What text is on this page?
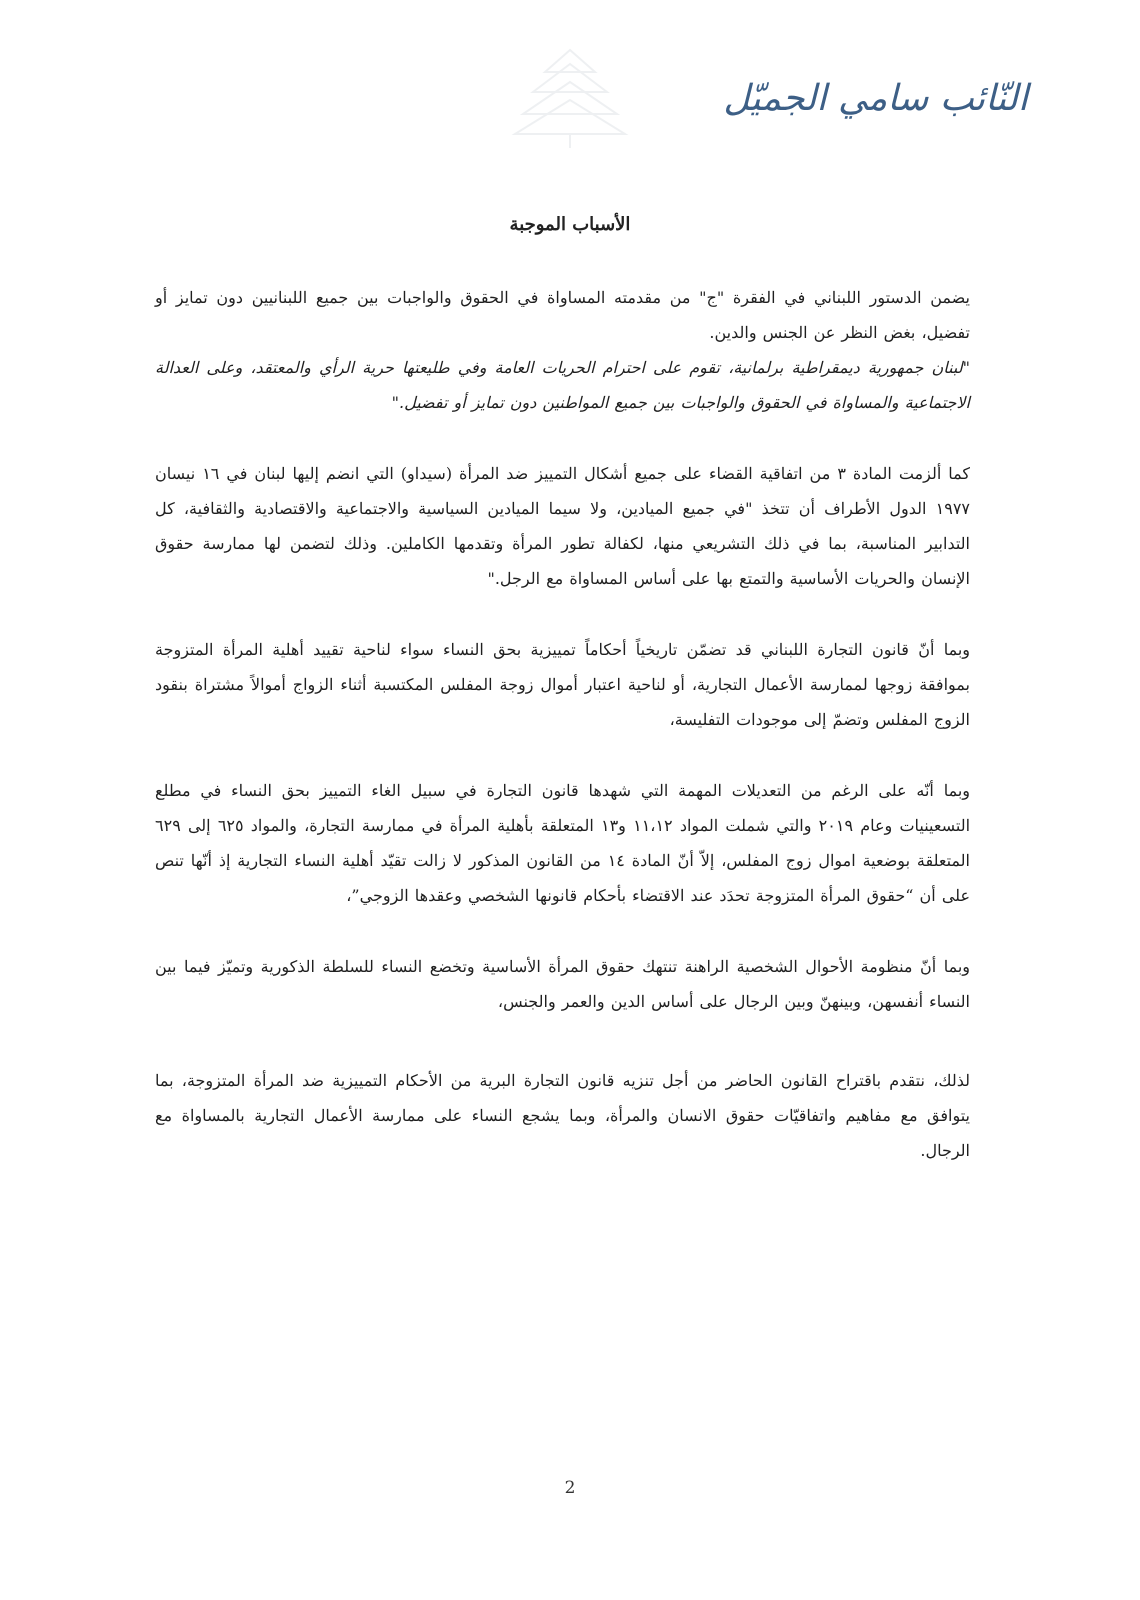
النّائب سامي الجميّل
الأسباب الموجبة

يضمن الدستور اللبناني في الفقرة "ج" من مقدمته المساواة في الحقوق والواجبات بين جميع اللبنانيين دون تمايز أو تفضيل، بغض النظر عن الجنس والدين.

"لبنان جمهورية ديمقراطية برلمانية، تقوم على احترام الحريات العامة وفي طليعتها حرية الرأي والمعتقد، وعلى العدالة الاجتماعية والمساواة في الحقوق والواجبات بين جميع المواطنين دون تمايز أو تفضيل."

كما ألزمت المادة ٣ من اتفاقية القضاء على جميع أشكال التمييز ضد المرأة (سيداو) التي انضم إليها لبنان في ١٦ نيسان ١٩٧٧ الدول الأطراف أن تتخذ "في جميع الميادين، ولا سيما الميادين السياسية والاجتماعية والاقتصادية والثقافية، كل التدابير المناسبة، بما في ذلك التشريعي منها، لكفالة تطور المرأة وتقدمها الكاملين. وذلك لتضمن لها ممارسة حقوق الإنسان والحريات الأساسية والتمتع بها على أساس المساواة مع الرجل."

وبما أنّ قانون التجارة اللبناني قد تضمّن تاريخياً أحكاماً تمييزية بحق النساء سواء لناحية تقييد أهلية المرأة المتزوجة بموافقة زوجها لممارسة الأعمال التجارية، أو لناحية اعتبار أموال زوجة المفلس المكتسبة أثناء الزواج أموالاً مشتراة بنقود الزوج المفلس وتضمّ إلى موجودات التفليسة،

وبما أنّه على الرغم من التعديلات المهمة التي شهدها قانون التجارة في سبيل الغاء التمييز بحق النساء في مطلع التسعينيات وعام ٢٠١٩ والتي شملت المواد ١١،١٢ و١٣ المتعلقة بأهلية المرأة في ممارسة التجارة، والمواد ٦٢٥ إلى ٦٢٩ المتعلقة بوضعية اموال زوج المفلس، إلاّ أنّ المادة ١٤ من القانون المذكور لا زالت تقيّد أهلية النساء التجارية إذ أنّها تنص على أن “حقوق المرأة المتزوجة تحدَد عند الاقتضاء بأحكام قانونها الشخصي وعقدها الزوجي”،

وبما أنّ منظومة الأحوال الشخصية الراهنة تنتهك حقوق المرأة الأساسية وتخضع النساء للسلطة الذكورية وتميّز فيما بين النساء أنفسهن، وبينهنّ وبين الرجال على أساس الدين والعمر والجنس،

لذلك، نتقدم باقتراح القانون الحاضر من أجل تنزيه قانون التجارة البرية من الأحكام التمييزية ضد المرأة المتزوجة، بما يتوافق مع مفاهيم واتفاقيّات حقوق الانسان والمرأة، وبما يشجع النساء على ممارسة الأعمال التجارية بالمساواة مع الرجال.

2
